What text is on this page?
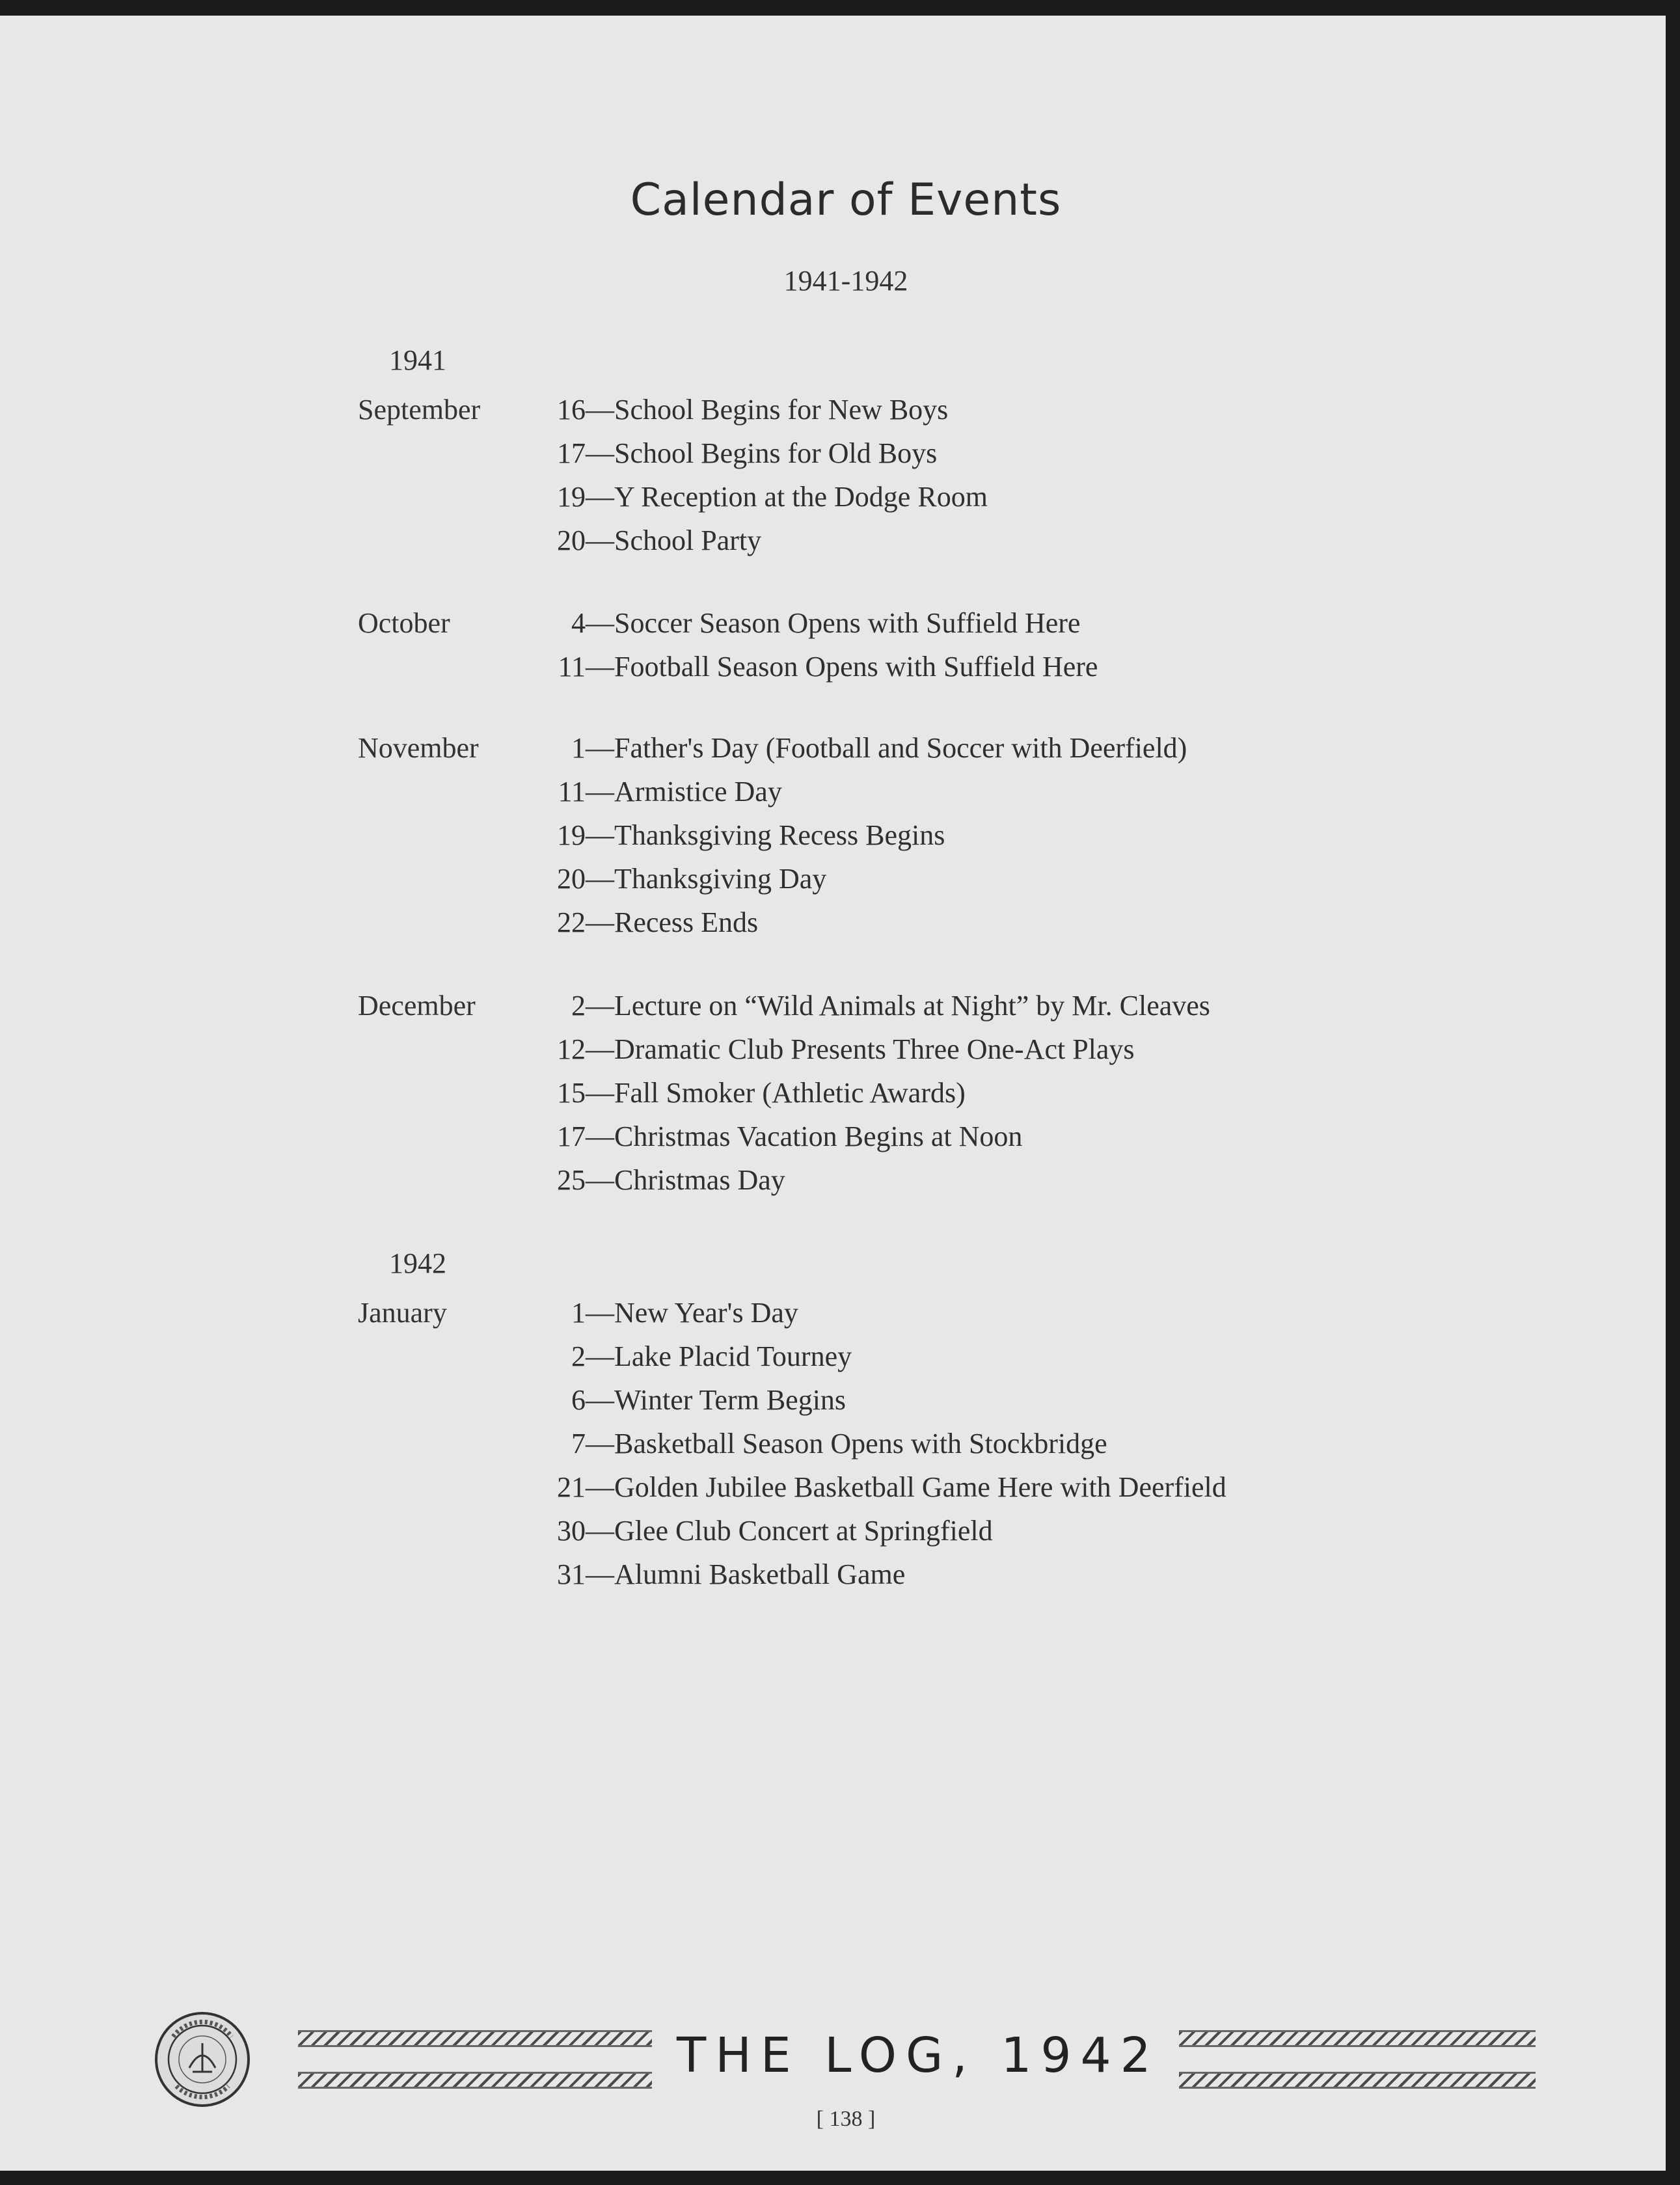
Calendar of Events
1941-1942
1941
September
October
November
December
1942
January
16—School Begins for New Boys
17—School Begins for Old Boys
19—Y Reception at the Dodge Room
20—School Party
4—Soccer Season Opens with Suffield Here
11—Football Season Opens with Suffield Here
1—Father's Day (Football and Soccer with Deerfield)
11—Armistice Day
19—Thanksgiving Recess Begins
20—Thanksgiving Day
22—Recess Ends
2—Lecture on “Wild Animals at Night” by Mr. Cleaves
12—Dramatic Club Presents Three One-Act Plays
15—Fall Smoker (Athletic Awards)
17—Christmas Vacation Begins at Noon
25—Christmas Day
1—New Year's Day
2—Lake Placid Tourney
6—Winter Term Begins
7—Basketball Season Opens with Stockbridge
21—Golden Jubilee Basketball Game Here with Deerfield
30—Glee Club Concert at Springfield
31—Alumni Basketball Game
THE LOG, 1942
[ 138 ]
